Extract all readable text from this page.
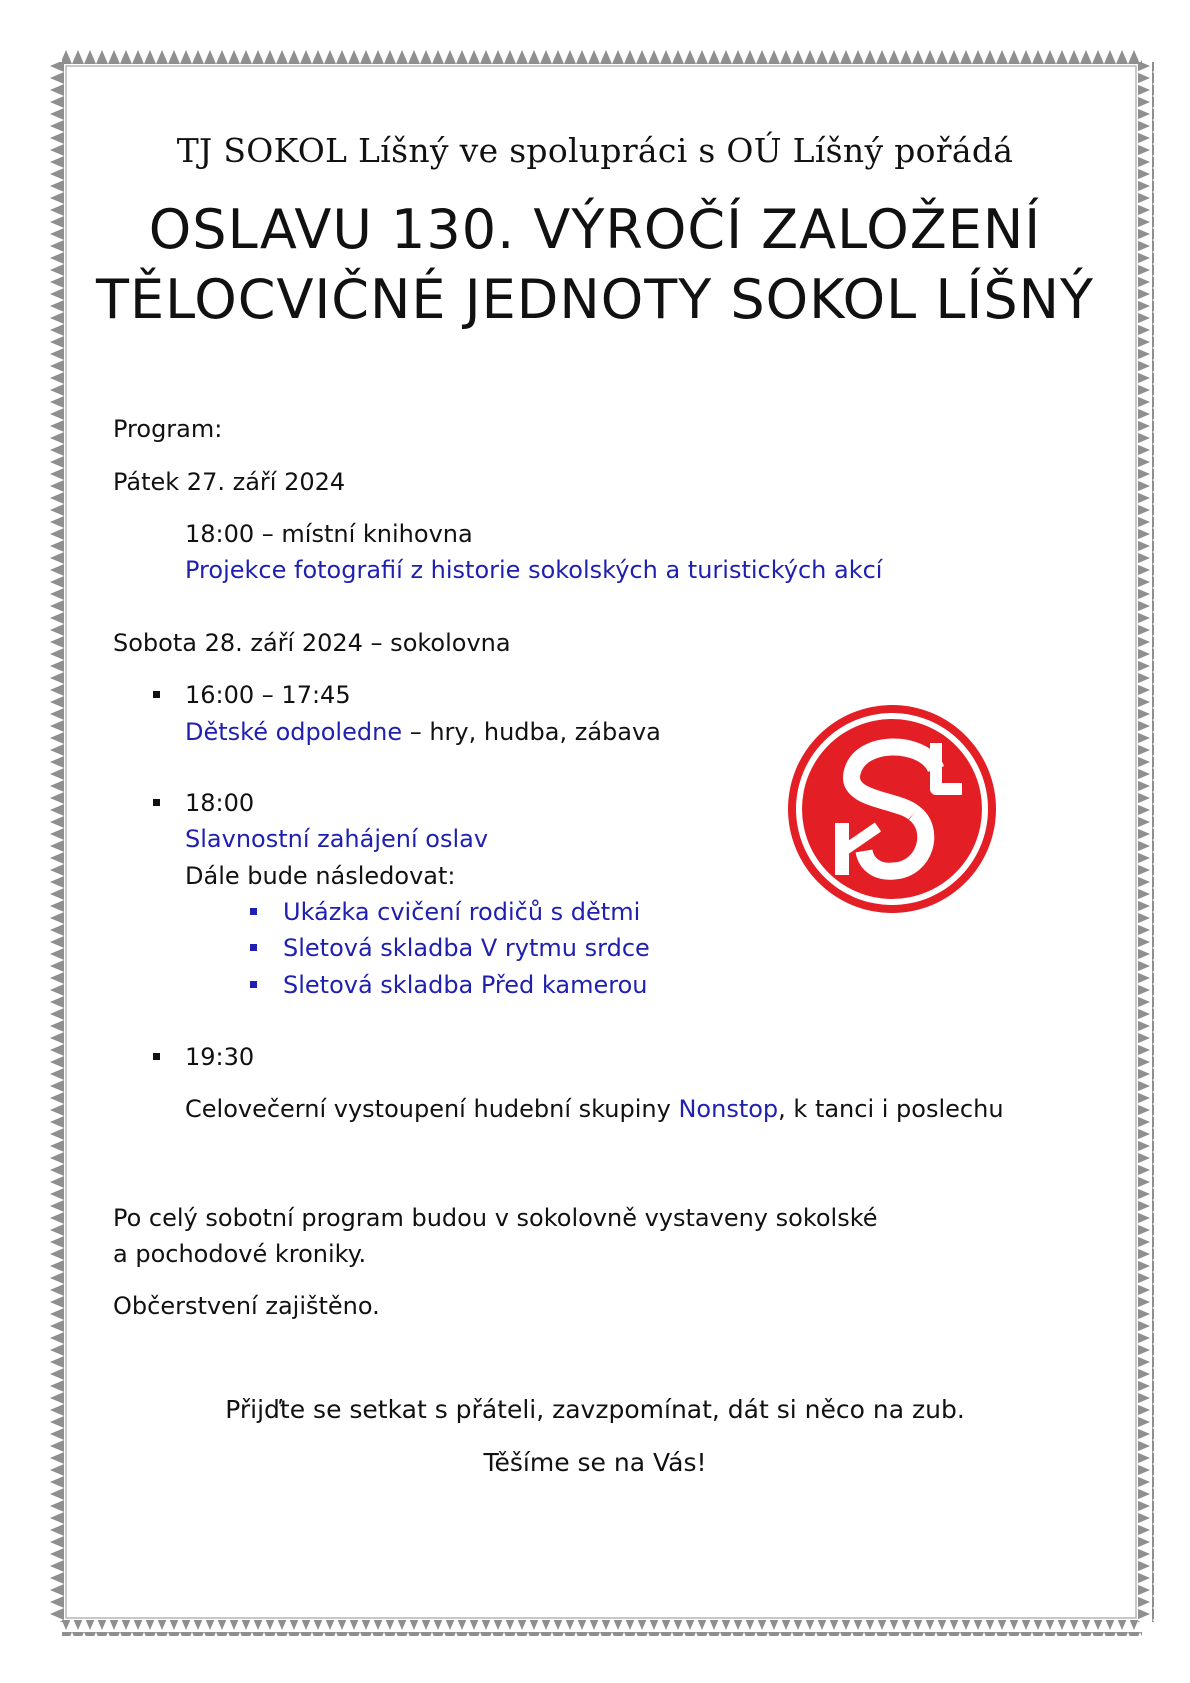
TJ SOKOL Líšný ve spolupráci s OÚ Líšný pořádá
OSLAVU 130. VÝROČÍ ZALOŽENÍ
TĚLOCVIČNÉ JEDNOTY SOKOL LÍŠNÝ
Program:
Pátek 27. září 2024
18:00 – místní knihovna
Projekce fotografií z historie sokolských a turistických akcí
Sobota 28. září 2024 – sokolovna
16:00 – 17:45
Dětské odpoledne – hry, hudba, zábava
18:00
Slavnostní zahájení oslav
Dále bude následovat:
Ukázka cvičení rodičů s dětmi
Sletová skladba V rytmu srdce
Sletová skladba Před kamerou
19:30
Celovečerní vystoupení hudební skupiny Nonstop, k tanci i poslechu
Po celý sobotní program budou v sokolovně vystaveny sokolské
a pochodové kroniky.
Občerstvení zajištěno.
Přijďte se setkat s přáteli, zavzpomínat, dát si něco na zub.
Těšíme se na Vás!
